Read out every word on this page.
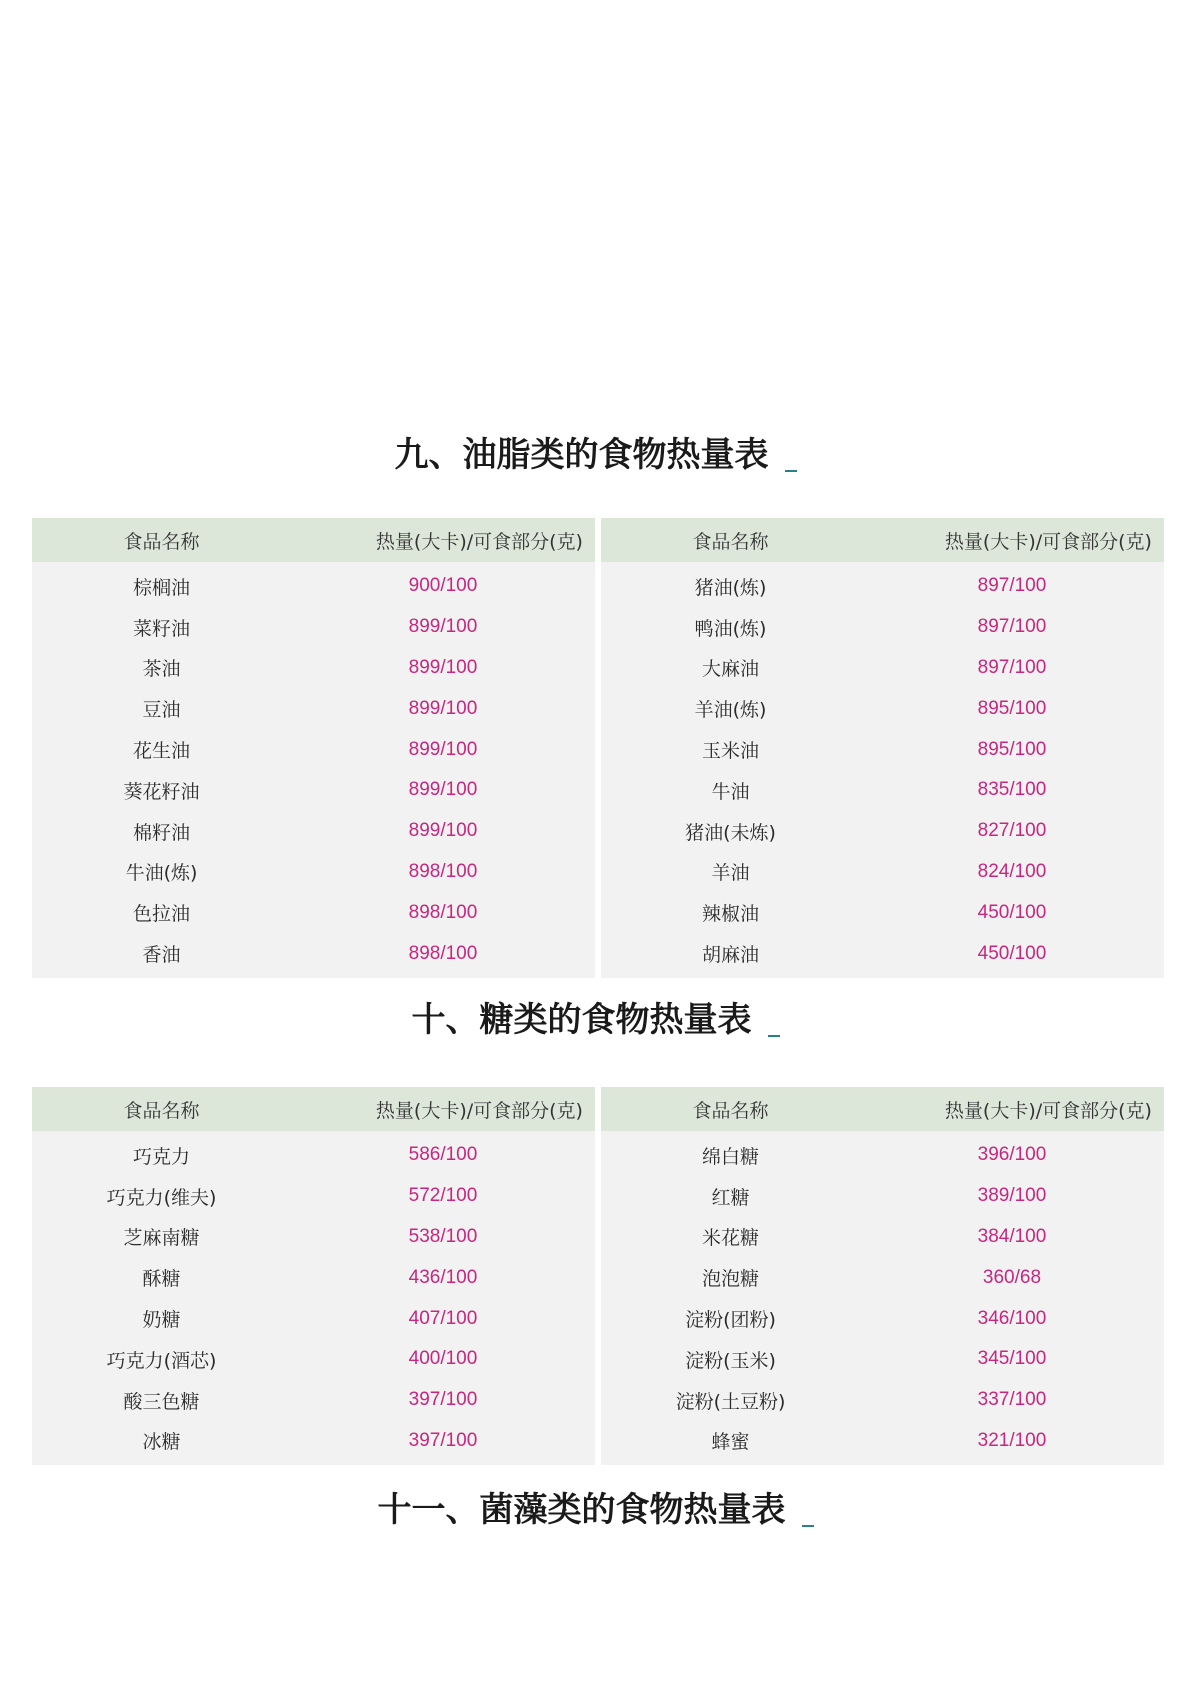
九、油脂类的食物热量表
食品名称	热量(大卡)/可食部分(克)
棕榈油	900/100
菜籽油	899/100
茶油	899/100
豆油	899/100
花生油	899/100
葵花籽油	899/100
棉籽油	899/100
牛油(炼)	898/100
色拉油	898/100
香油	898/100
食品名称	热量(大卡)/可食部分(克)
猪油(炼)	897/100
鸭油(炼)	897/100
大麻油	897/100
羊油(炼)	895/100
玉米油	895/100
牛油	835/100
猪油(未炼)	827/100
羊油	824/100
辣椒油	450/100
胡麻油	450/100
十、糖类的食物热量表
食品名称	热量(大卡)/可食部分(克)
巧克力	586/100
巧克力(维夫)	572/100
芝麻南糖	538/100
酥糖	436/100
奶糖	407/100
巧克力(酒芯)	400/100
酸三色糖	397/100
冰糖	397/100
食品名称	热量(大卡)/可食部分(克)
绵白糖	396/100
红糖	389/100
米花糖	384/100
泡泡糖	360/68
淀粉(团粉)	346/100
淀粉(玉米)	345/100
淀粉(土豆粉)	337/100
蜂蜜	321/100
十一、菌藻类的食物热量表
